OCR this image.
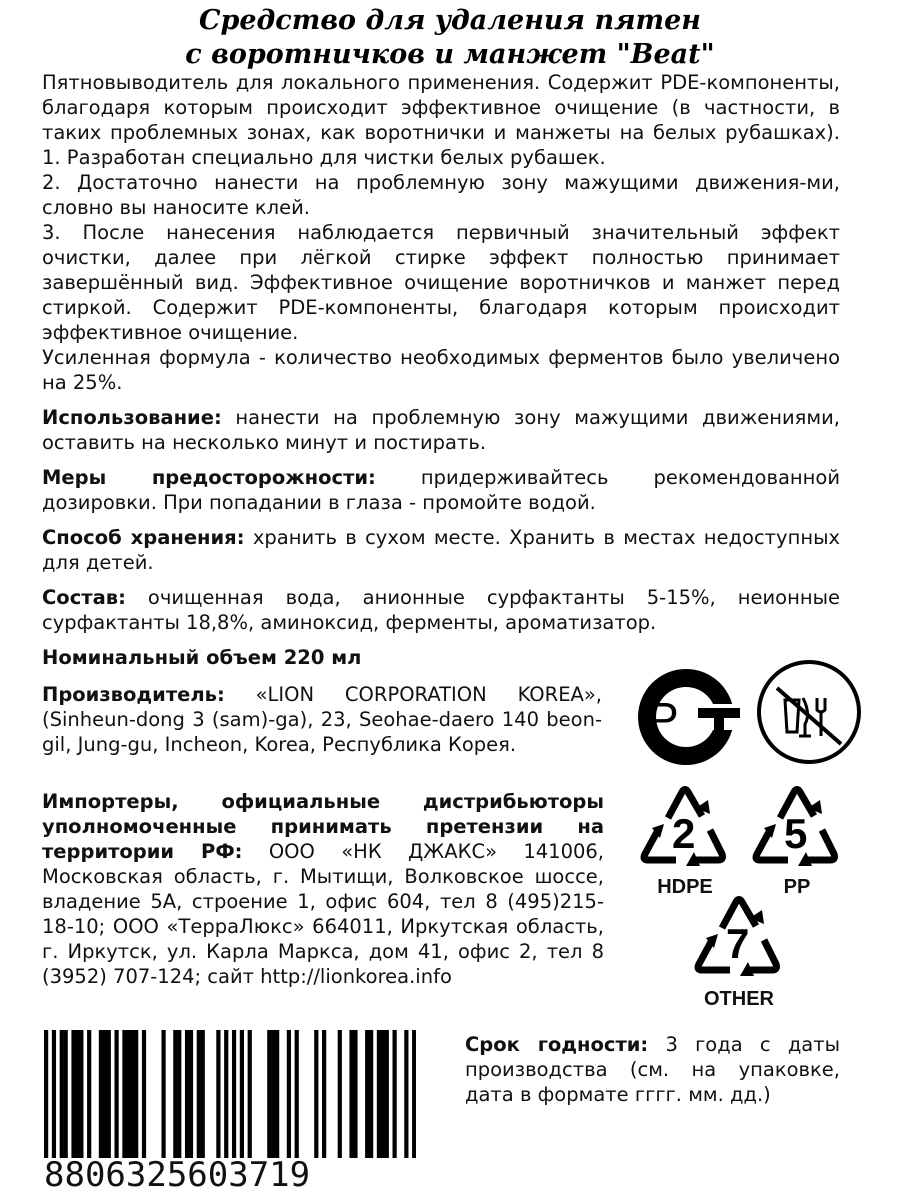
Средство для удаления пятен
с воротничков и манжет "Beat"

Пятновыводитель для локального применения. Содержит PDE-компоненты, благодаря которым происходит эффективное очищение (в частности, в таких проблемных зонах, как воротнички и манжеты на белых рубашках). 1. Разработан специально для чистки белых рубашек.

2. Достаточно нанести на проблемную зону мажущими движения-ми, словно вы наносите клей.

3. После нанесения наблюдается первичный значительный эффект очистки, далее при лёгкой стирке эффект полностью принимает завершённый вид. Эффективное очищение воротничков и манжет перед стиркой. Содержит PDE-компоненты, благодаря которым происходит эффективное очищение.

Усиленная формула - количество необходимых ферментов было увеличено на 25%.

Использование: нанести на проблемную зону мажущими движениями, оставить на несколько минут и постирать.

Меры предосторожности: придерживайтесь рекомендованной дозировки. При попадании в глаза - промойте водой.

Способ хранения: хранить в сухом месте. Хранить в местах недоступных для детей.

Состав: очищенная вода, анионные сурфактанты 5-15%, неионные сурфактанты 18,8%, аминоксид, ферменты, ароматизатор.

Номинальный объем 220 мл

Производитель: «LION CORPORATION KOREA», (Sinheun-dong 3 (sam)-ga), 23, Seohae-daero 140 beon-gil, Jung-gu, Incheon, Korea, Республика Корея.

Импортеры, официальные дистрибьюторы уполномоченные принимать претензии на территории РФ: ООО «НК ДЖАКС» 141006, Московская область, г. Мытищи, Волковское шоссе, владение 5А, строение 1, офис 604, тел 8 (495)215-18-10; ООО «ТерраЛюкс» 664011, Иркутская область, г. Иркутск, ул. Карла Маркса, дом 41, офис 2, тел 8 (3952) 707-124; сайт http://lionkorea.info

P
2
HDPE
5
PP
7
OTHER
8806325603719
Срок годности: 3 года с даты производства (см. на упаковке, дата в формате гггг. мм. дд.)
